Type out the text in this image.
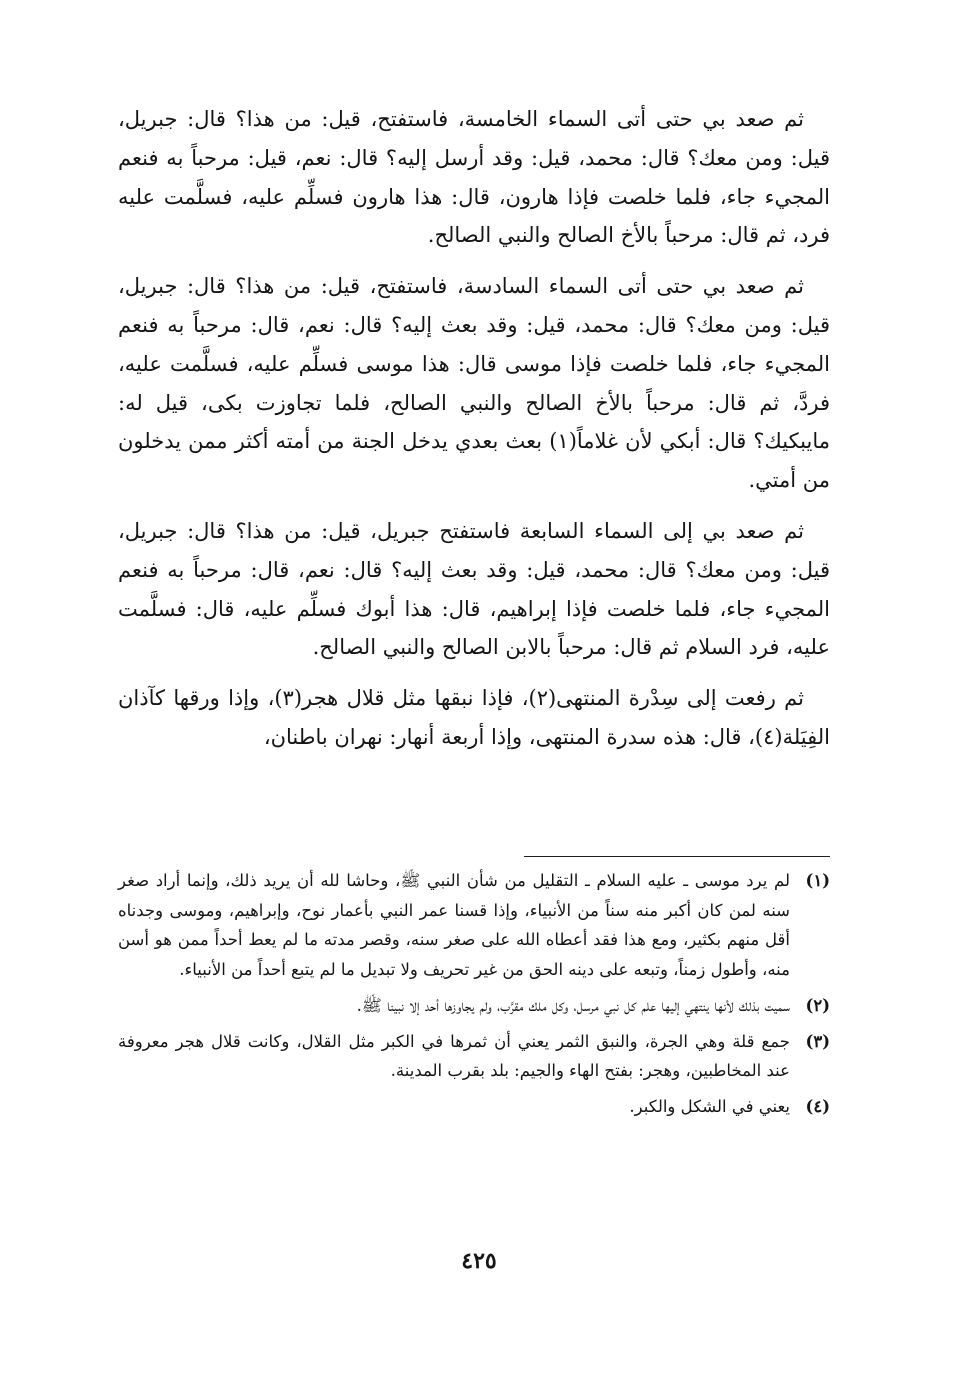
ثم صعد بي حتى أتى السماء الخامسة، فاستفتح، قيل: من هذا؟ قال: جبريل، قيل: ومن معك؟ قال: محمد، قيل: وقد أرسل إليه؟ قال: نعم، قيل: مرحباً به فنعم المجيء جاء، فلما خلصت فإذا هارون، قال: هذا هارون فسلِّم عليه، فسلَّمت عليه فرد، ثم قال: مرحباً بالأخ الصالح والنبي الصالح.

ثم صعد بي حتى أتى السماء السادسة، فاستفتح، قيل: من هذا؟ قال: جبريل، قيل: ومن معك؟ قال: محمد، قيل: وقد بعث إليه؟ قال: نعم، قال: مرحباً به فنعم المجيء جاء، فلما خلصت فإذا موسى قال: هذا موسى فسلِّم عليه، فسلَّمت عليه، فردَّ، ثم قال: مرحباً بالأخ الصالح والنبي الصالح، فلما تجاوزت بكى، قيل له: مايبكيك؟ قال: أبكي لأن غلاماً(١) بعث بعدي يدخل الجنة من أمته أكثر ممن يدخلون من أمتي.

ثم صعد بي إلى السماء السابعة فاستفتح جبريل، قيل: من هذا؟ قال: جبريل، قيل: ومن معك؟ قال: محمد، قيل: وقد بعث إليه؟ قال: نعم، قال: مرحباً به فنعم المجيء جاء، فلما خلصت فإذا إبراهيم، قال: هذا أبوك فسلِّم عليه، قال: فسلَّمت عليه، فرد السلام ثم قال: مرحباً بالابن الصالح والنبي الصالح.

ثم رفعت إلى سِدْرة المنتهى(٢)، فإذا نبقها مثل قلال هجر(٣)، وإذا ورقها كآذان الفِيَلة(٤)، قال: هذه سدرة المنتهى، وإذا أربعة أنهار: نهران باطنان،

(١)
لم يرد موسى ـ عليه السلام ـ التقليل من شأن النبي ﷺ، وحاشا لله أن يريد ذلك، وإنما أراد صغر سنه لمن كان أكبر منه سناً من الأنبياء، وإذا قسنا عمر النبي بأعمار نوح، وإبراهيم، وموسى وجدناه أقل منهم بكثير، ومع هذا فقد أعطاه الله على صغر سنه، وقصر مدته ما لم يعط أحداً ممن هو أسن منه، وأطول زمناً، وتبعه على دينه الحق من غير تحريف ولا تبديل ما لم يتبع أحداً من الأنبياء.
(٢)
سميت بذلك لأنها ينتهي إليها علم كل نبي مرسل، وكل ملك مقرَّب، ولم يجاوزها أحد إلا نبينا ﷺ.
(٣)
جمع قلة وهي الجرة، والنبق الثمر يعني أن ثمرها في الكبر مثل القلال، وكانت قلال هجر معروفة عند المخاطبين، وهجر: بفتح الهاء والجيم: بلد بقرب المدينة.
(٤)
يعني في الشكل والكبر.
٤٢٥
